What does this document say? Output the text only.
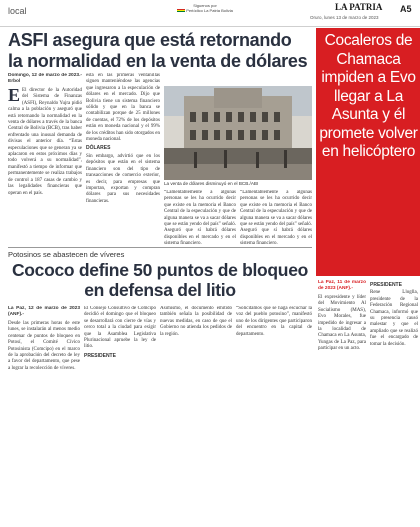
local
Siguenos por
Periódico La Patria Bolivia	LA PATRIA
Oruro, lunes 13 de marzo de 2023
A5
ASFI asegura que está retornando la normalidad en la venta de dólares
Domingo, 12 de marzo de 2023.- Erbol
E El director de la Autoridad del Sistema de Finanzas (ASFI), Reynaldo Yujra pidió calma a la población y aseguró que está retornando la normalidad en la venta de dólares a través de la banca Central de Bolivia (BCB), tras haber enfrentado una inusual demanda de divisas el anterior día. “Estas especulaciones que se generan ya se aplacaron en estos próximos días y todo volverá a su normalidad”, manifestó a tiempo de informar que permanentemente se realiza trabajos de control a 187 casas de cambio y las legalidades financieras que operan en el país.
está en las primeras ventanillas siguen manteniéndose las agencias que ingresaron a la especulación de dólares en el mercado. Dijo que Bolivia tiene un sistema financiero sólido y que en la banca se contabilizan porque de 25 millones de cuentas, el 72% de los depósitos están en moneda nacional y el 99% de los créditos han sido otorgados en moneda nacional.
DÓLARES
Sin embargo, advirtió que en los depósitos que están en el sistema financiero son del tipo de transacciones de comercio exterior, es decir, para empresas que importan, exportan y compran dólares para sus necesidades financieras.
La venta de dólares disminuyó en el BCB./ABI
“Lamentablemente a algunas personas se les ha ocurrido decir que existe en la memoria el Banco Central de la especulación y que de alguna manera se va a sacar dólares que se están yendo del país” señaló. Aseguró que sí habrá dólares disponibles en el mercado y en el sistema financiero.
“Lamentablemente a algunas personas se les ha ocurrido decir que existe en la memoria el Banco Central de la especulación y que de alguna manera se va a sacar dólares que se están yendo del país” señaló. Aseguró que sí habrá dólares disponibles en el mercado y en el sistema financiero.
Potosinos se abastecen de víveres
Cococo define 50 puntos de bloqueo en defensa del litio
La Paz, 12 de marzo de 2023 (ANF).-
Desde las primeras horas de este lunes, se instalarán al menos medio centenar de puntos de bloqueo en Potosí, el Comité Cívico Potosinista (Comcipo) en el marco de la aprobación del decreto de ley a favor del departamento, que pese a lograr la recolección de víveres.
El Consejo Consultivo de Comcipo decidió el domingo que el bloqueo se desarrollará con cierre de vías y cerco total a la ciudad para exigir que la Asamblea Legislativa Plurinacional apruebe la ley de litio.
PRESIDENTE
Asimismo, el documento emitido también señala la posibilidad de nuevas medidas, en caso de que el Gobierno no atienda los pedidos de la región.
“Solicitamos que se haga escuchar la voz del pueblo potosino”, manifestó uno de los dirigentes que participaron del encuentro en la capital de departamento.
Cocaleros de Chamaca impiden a Evo llegar a La Asunta y él promete volver en helicóptero
La Paz, 11 de marzo de 2023 (ANF).-
El expresidente y líder del Movimiento Al Socialismo (MAS), Evo Morales, fue impedido de ingresar a la localidad de Chamaca en La Asunta, Yungas de La Paz, para participar en un acto.
PRESIDENTE
Rene Lloglla, presidente de la Federación Regional Chamaca, informó que su presencia causó malestar y que el ampliado que se realizó fue el encargado de tomar la decisión.
